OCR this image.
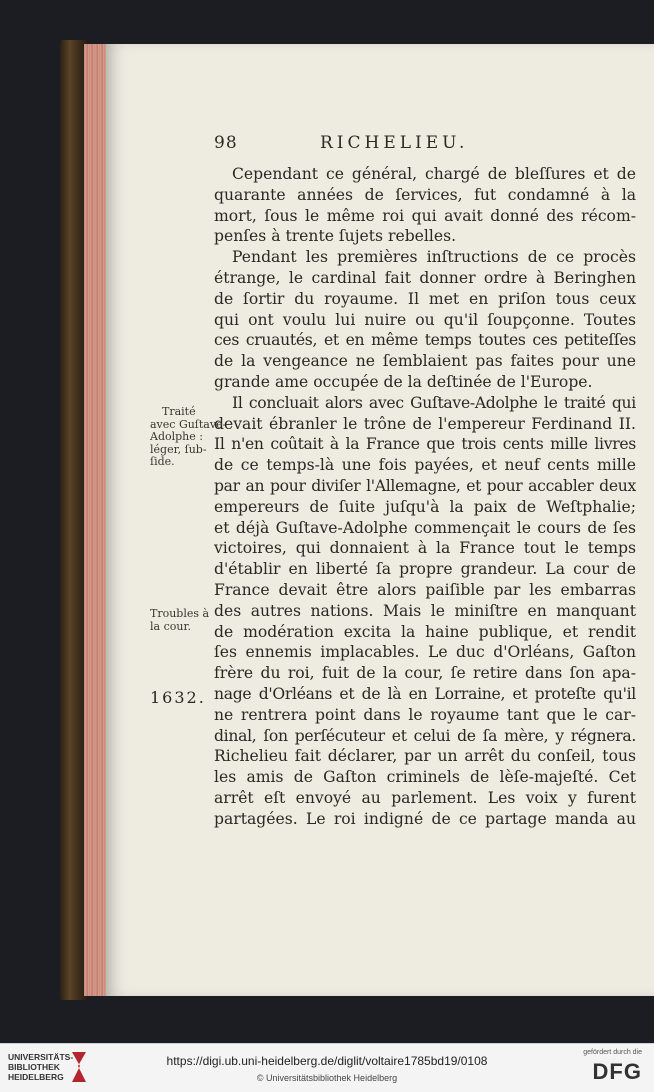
98	RICHELIEU.
Cependant ce général, chargé de bleſſures et de
quarante années de ſervices, fut condamné à la
mort, ſous le même roi qui avait donné des récom-
penſes à trente ſujets rebelles.
Pendant les premières inſtructions de ce procès
étrange, le cardinal fait donner ordre à Beringhen
de ſortir du royaume. Il met en priſon tous ceux
qui ont voulu lui nuire ou qu'il ſoupçonne. Toutes
ces cruautés, et en même temps toutes ces petiteſſes
de la vengeance ne ſemblaient pas faites pour une
grande ame occupée de la deſtinée de l'Europe.
Il concluait alors avec Guſtave-Adolphe le traité qui
devait ébranler le trône de l'empereur Ferdinand II.
Il n'en coûtait à la France que trois cents mille livres
de ce temps-là une fois payées, et neuf cents mille
par an pour diviſer l'Allemagne, et pour accabler deux
empereurs de ſuite juſqu'à la paix de Weſtphalie;
et déjà Guſtave-Adolphe commençait le cours de ſes
victoires, qui donnaient à la France tout le temps
d'établir en liberté ſa propre grandeur. La cour de
France devait être alors paiſible par les embarras
des autres nations. Mais le miniſtre en manquant
de modération excita la haine publique, et rendit
ſes ennemis implacables. Le duc d'Orléans, Gaſton
frère du roi, fuit de la cour, ſe retire dans ſon apa-
nage d'Orléans et de là en Lorraine, et proteſte qu'il
ne rentrera point dans le royaume tant que le car-
dinal, ſon perſécuteur et celui de ſa mère, y régnera.
Richelieu fait déclarer, par un arrêt du conſeil, tous
les amis de Gaſton criminels de lèſe-majeſté. Cet
arrêt eſt envoyé au parlement. Les voix y furent
partagées. Le roi indigné de ce partage manda au
Traité
avec Guſtave-
Adolphe :
léger, ſub-
ſide.
Troubles à
la cour.
1632.
UNIVERSITÄTS-
BIBLIOTHEK
HEIDELBERG
https://digi.ub.uni-heidelberg.de/diglit/voltaire1785bd19/0108
© Universitätsbibliothek Heidelberg
gefördert durch die
DFG
